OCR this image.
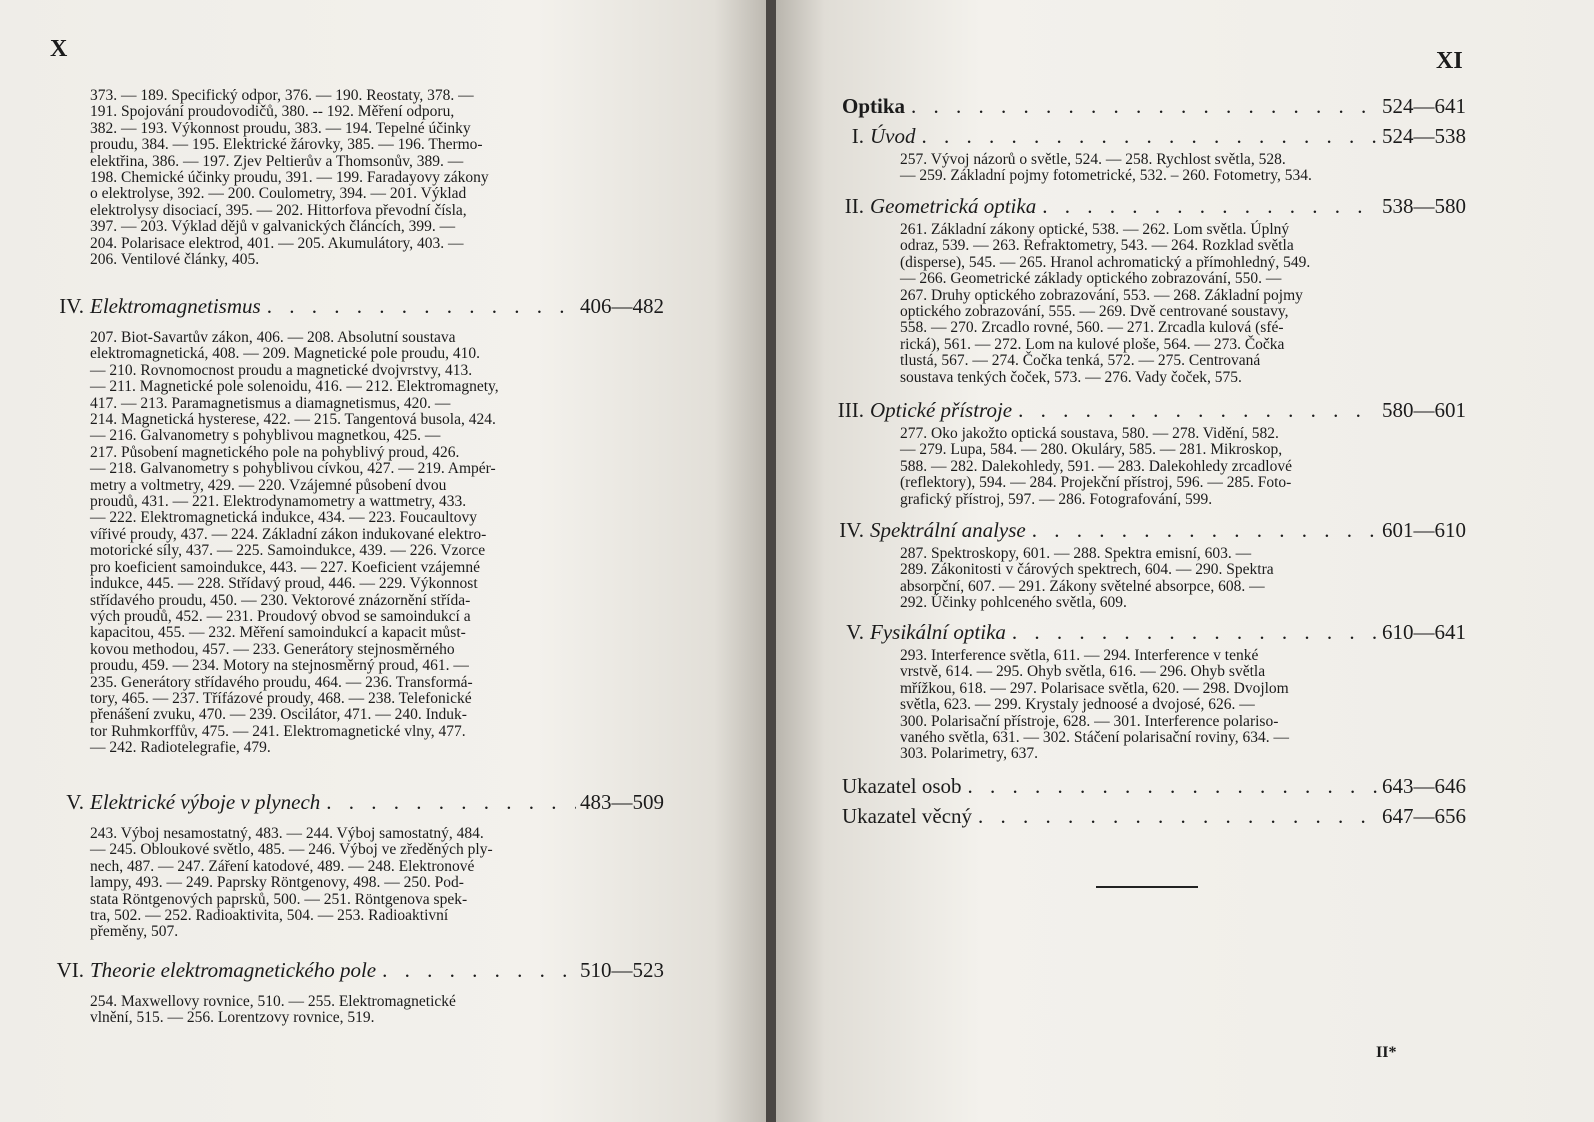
X
373. — 189. Specifický odpor, 376. — 190. Reostaty, 378. —
191. Spojování proudovodičů, 380. -- 192. Měření odporu,
382. — 193. Výkonnost proudu, 383. — 194. Tepelné účinky
proudu, 384. — 195. Elektrické žárovky, 385. — 196. Thermo-
elektřina, 386. — 197. Zjev Peltierův a Thomsonův, 389. —
198. Chemické účinky proudu, 391. — 199. Faradayovy zákony
o elektrolyse, 392. — 200. Coulometry, 394. — 201. Výklad
elektrolysy disociací, 395. — 202. Hittorfova převodní čísla,
397. — 203. Výklad dějů v galvanických článcích, 399. —
204. Polarisace elektrod, 401. — 205. Akumulátory, 403. —
206. Ventilové články, 405.
IV. Elektromagnetismus . . .	406—482
207. Biot-Savartův zákon, 406. — 208. Absolutní soustava
elektromagnetická, 408. — 209. Magnetické pole proudu, 410.
— 210. Rovnomocnost proudu a magnetické dvojvrstvy, 413.
— 211. Magnetické pole solenoidu, 416. — 212. Elektromagnety,
417. — 213. Paramagnetismus a diamagnetismus, 420. —
214. Magnetická hysterese, 422. — 215. Tangentová busola, 424.
— 216. Galvanometry s pohyblivou magnetkou, 425. —
217. Působení magnetického pole na pohyblivý proud, 426.
— 218. Galvanometry s pohyblivou cívkou, 427. — 219. Ampér-
metry a voltmetry, 429. — 220. Vzájemné působení dvou
proudů, 431. — 221. Elektrodynamometry a wattmetry, 433.
— 222. Elektromagnetická indukce, 434. — 223. Foucaultovy
vířivé proudy, 437. — 224. Základní zákon indukované elektro-
motorické síly, 437. — 225. Samoindukce, 439. — 226. Vzorce
pro koeficient samoindukce, 443. — 227. Koeficient vzájemné
indukce, 445. — 228. Střídavý proud, 446. — 229. Výkonnost
střídavého proudu, 450. — 230. Vektorové znázornění střída-
vých proudů, 452. — 231. Proudový obvod se samoindukcí a
kapacitou, 455. — 232. Měření samoindukcí a kapacit můst-
kovou methodou, 457. — 233. Generátory stejnosměrného
proudu, 459. — 234. Motory na stejnosměrný proud, 461. —
235. Generátory střídavého proudu, 464. — 236. Transformá-
tory, 465. — 237. Třífázové proudy, 468. — 238. Telefonické
přenášení zvuku, 470. — 239. Oscilátor, 471. — 240. Induk-
tor Ruhmkorffův, 475. — 241. Elektromagnetické vlny, 477.
— 242. Radiotelegrafie, 479.
V. Elektrické výboje v plynech . . .	483—509
243. Výboj nesamostatný, 483. — 244. Výboj samostatný, 484.
— 245. Obloukové světlo, 485. — 246. Výboj ve zředěných ply-
nech, 487. — 247. Záření katodové, 489. — 248. Elektronové
lampy, 493. — 249. Paprsky Röntgenovy, 498. — 250. Pod-
stata Röntgenových paprsků, 500. — 251. Röntgenova spek-
tra, 502. — 252. Radioaktivita, 504. — 253. Radioaktivní
přeměny, 507.
VI. Theorie elektromagnetického pole . . .	510—523
254. Maxwellovy rovnice, 510. — 255. Elektromagnetické
vlnění, 515. — 256. Lorentzovy rovnice, 519.
XI
Optika . . .	524—641
I. Úvod . . .	524—538
257. Vývoj názorů o světle, 524. — 258. Rychlost světla, 528.
— 259. Základní pojmy fotometrické, 532. – 260. Fotometry, 534.
II. Geometrická optika . . .	538—580
261. Základní zákony optické, 538. — 262. Lom světla. Úplný
odraz, 539. — 263. Refraktometry, 543. — 264. Rozklad světla
(disperse), 545. — 265. Hranol achromatický a přímohledný, 549.
— 266. Geometrické základy optického zobrazování, 550. —
267. Druhy optického zobrazování, 553. — 268. Základní pojmy
optického zobrazování, 555. — 269. Dvě centrované soustavy,
558. — 270. Zrcadlo rovné, 560. — 271. Zrcadla kulová (sfé-
rická), 561. — 272. Lom na kulové ploše, 564. — 273. Čočka
tlustá, 567. — 274. Čočka tenká, 572. — 275. Centrovaná
soustava tenkých čoček, 573. — 276. Vady čoček, 575.
III. Optické přístroje . . .	580—601
277. Oko jakožto optická soustava, 580. — 278. Vidění, 582.
— 279. Lupa, 584. — 280. Okuláry, 585. — 281. Mikroskop,
588. — 282. Dalekohledy, 591. — 283. Dalekohledy zrcadlové
(reflektory), 594. — 284. Projekční přístroj, 596. — 285. Foto-
grafický přístroj, 597. — 286. Fotografování, 599.
IV. Spektrální analyse . . .	601—610
287. Spektroskopy, 601. — 288. Spektra emisní, 603. —
289. Zákonitosti v čárových spektrech, 604. — 290. Spektra
absorpční, 607. — 291. Zákony světelné absorpce, 608. —
292. Účinky pohlceného světla, 609.
V. Fysikální optika . . .	610—641
293. Interference světla, 611. — 294. Interference v tenké
vrstvě, 614. — 295. Ohyb světla, 616. — 296. Ohyb světla
mřížkou, 618. — 297. Polarisace světla, 620. — 298. Dvojlom
světla, 623. — 299. Krystaly jednoosé a dvojosé, 626. —
300. Polarisační přístroje, 628. — 301. Interference polariso-
vaného světla, 631. — 302. Stáčení polarisační roviny, 634. —
303. Polarimetry, 637.
Ukazatel osob . . .	643—646
Ukazatel věcný . . .	647—656
II*
